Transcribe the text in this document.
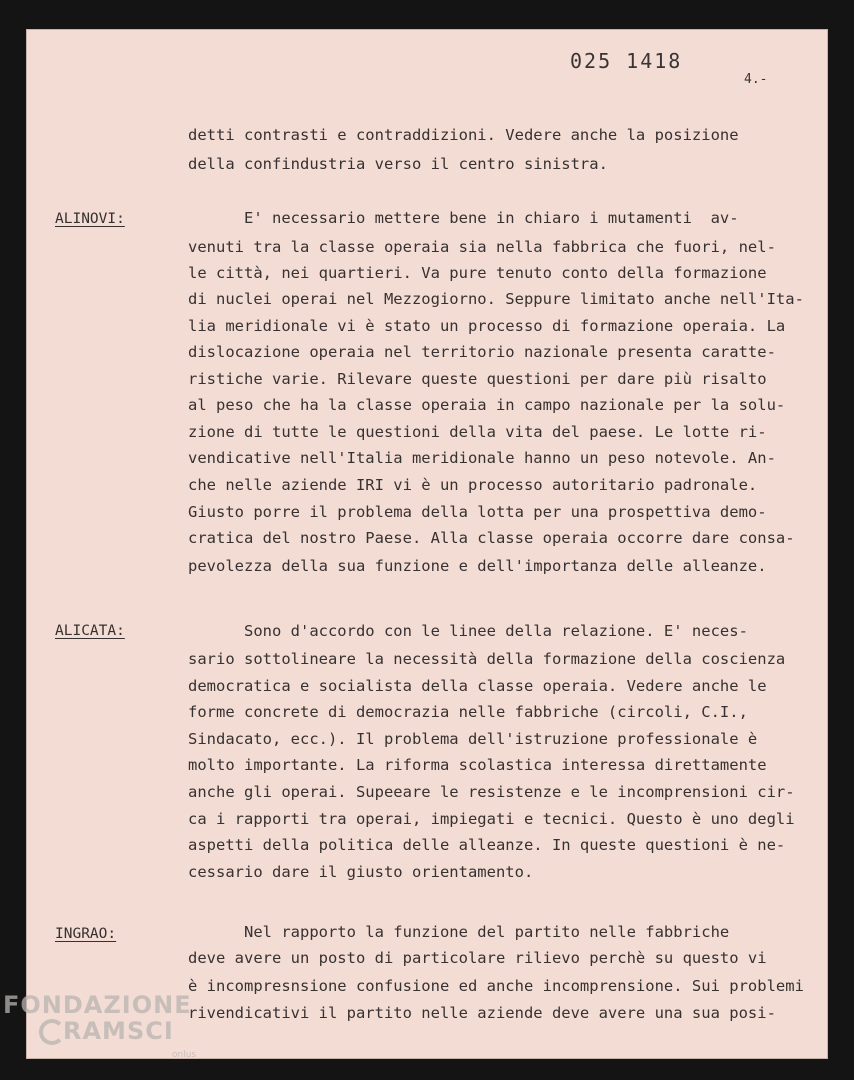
025 1418
4.-
detti contrasti e contraddizioni. Vedere anche la posizione
della confindustria verso il centro sinistra.
ALINOVI:	E' necessario mettere bene in chiaro i mutamenti  av-
venuti tra la classe operaia sia nella fabbrica che fuori, nel-
le città, nei quartieri. Va pure tenuto conto della formazione
di nuclei operai nel Mezzogiorno. Seppure limitato anche nell'Ita-
lia meridionale vi è stato un processo di formazione operaia. La
dislocazione operaia nel territorio nazionale presenta caratte-
ristiche varie. Rilevare queste questioni per dare più risalto
al peso che ha la classe operaia in campo nazionale per la solu-
zione di tutte le questioni della vita del paese. Le lotte ri-
vendicative nell'Italia meridionale hanno un peso notevole. An-
che nelle aziende IRI vi è un processo autoritario padronale.
Giusto porre il problema della lotta per una prospettiva demo-
cratica del nostro Paese. Alla classe operaia occorre dare consa-
pevolezza della sua funzione e dell'importanza delle alleanze.
ALICATA:	Sono d'accordo con le linee della relazione. E' neces-
sario sottolineare la necessità della formazione della coscienza
democratica e socialista della classe operaia. Vedere anche le
forme concrete di democrazia nelle fabbriche (circoli, C.I.,
Sindacato, ecc.). Il problema dell'istruzione professionale è
molto importante. La riforma scolastica interessa direttamente
anche gli operai. Supeeare le resistenze e le incomprensioni cir-
ca i rapporti tra operai, impiegati e tecnici. Questo è uno degli
aspetti della politica delle alleanze. In queste questioni è ne-
cessario dare il giusto orientamento.
INGRAO:	Nel rapporto la funzione del partito nelle fabbriche
deve avere un posto di particolare rilievo perchè su questo vi
è incompresnsione confusione ed anche incomprensione. Sui problemi
rivendicativi il partito nelle aziende deve avere una sua posi-
FONDAZIONE
RAMSCI
onlus
